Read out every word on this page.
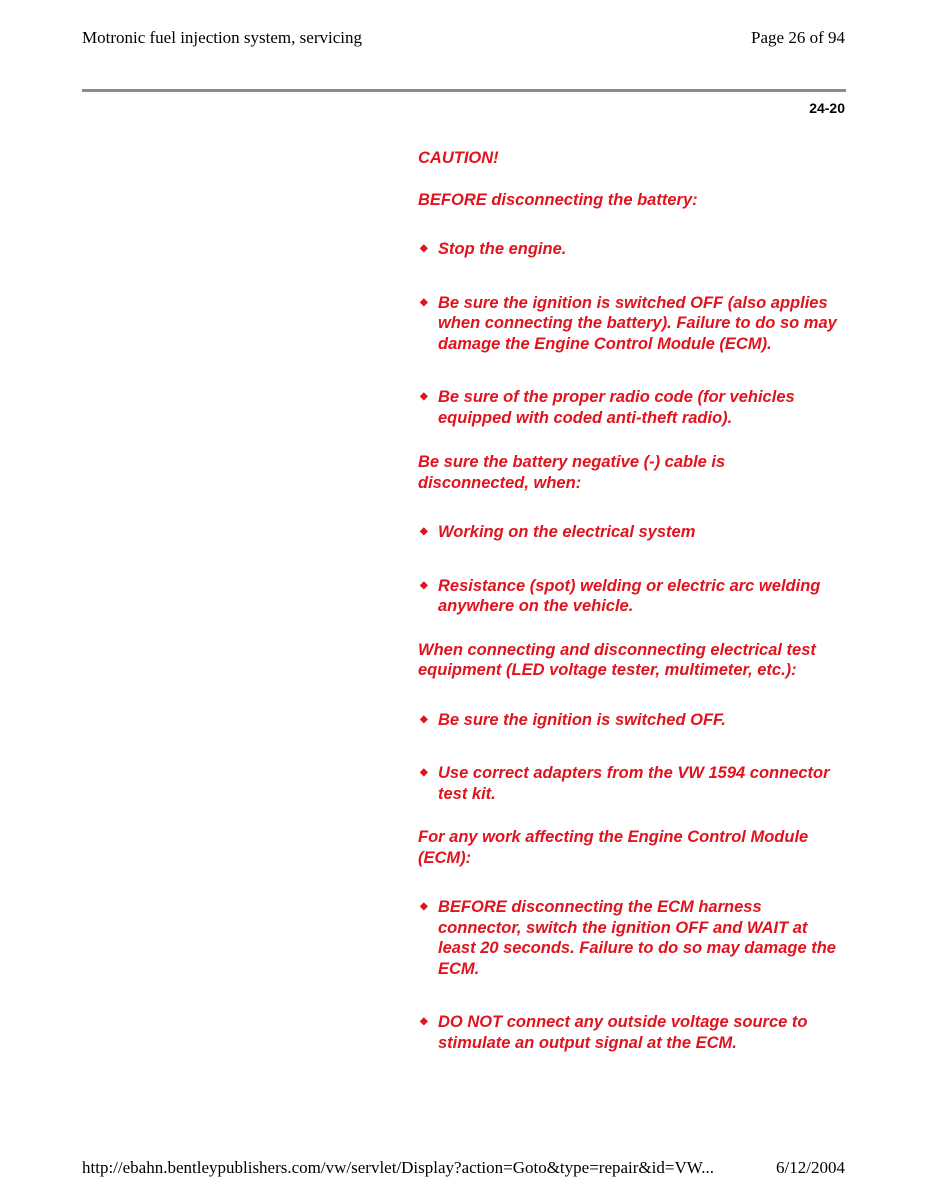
Motronic fuel injection system, servicing	Page 26 of 94
24-20

CAUTION!

BEFORE disconnecting the battery:

◆ Stop the engine.
◆ Be sure the ignition is switched OFF (also applies when connecting the battery). Failure to do so may damage the Engine Control Module (ECM).
◆ Be sure of the proper radio code (for vehicles equipped with coded anti-theft radio).

Be sure the battery negative (-) cable is disconnected, when:

◆ Working on the electrical system
◆ Resistance (spot) welding or electric arc welding anywhere on the vehicle.

When connecting and disconnecting electrical test equipment (LED voltage tester, multimeter, etc.):

◆ Be sure the ignition is switched OFF.
◆ Use correct adapters from the VW 1594 connector test kit.

For any work affecting the Engine Control Module (ECM):

◆ BEFORE disconnecting the ECM harness connector, switch the ignition OFF and WAIT at least 20 seconds. Failure to do so may damage the ECM.
◆ DO NOT connect any outside voltage source to stimulate an output signal at the ECM.
http://ebahn.bentleypublishers.com/vw/servlet/Display?action=Goto&type=repair&id=VW...	6/12/2004
